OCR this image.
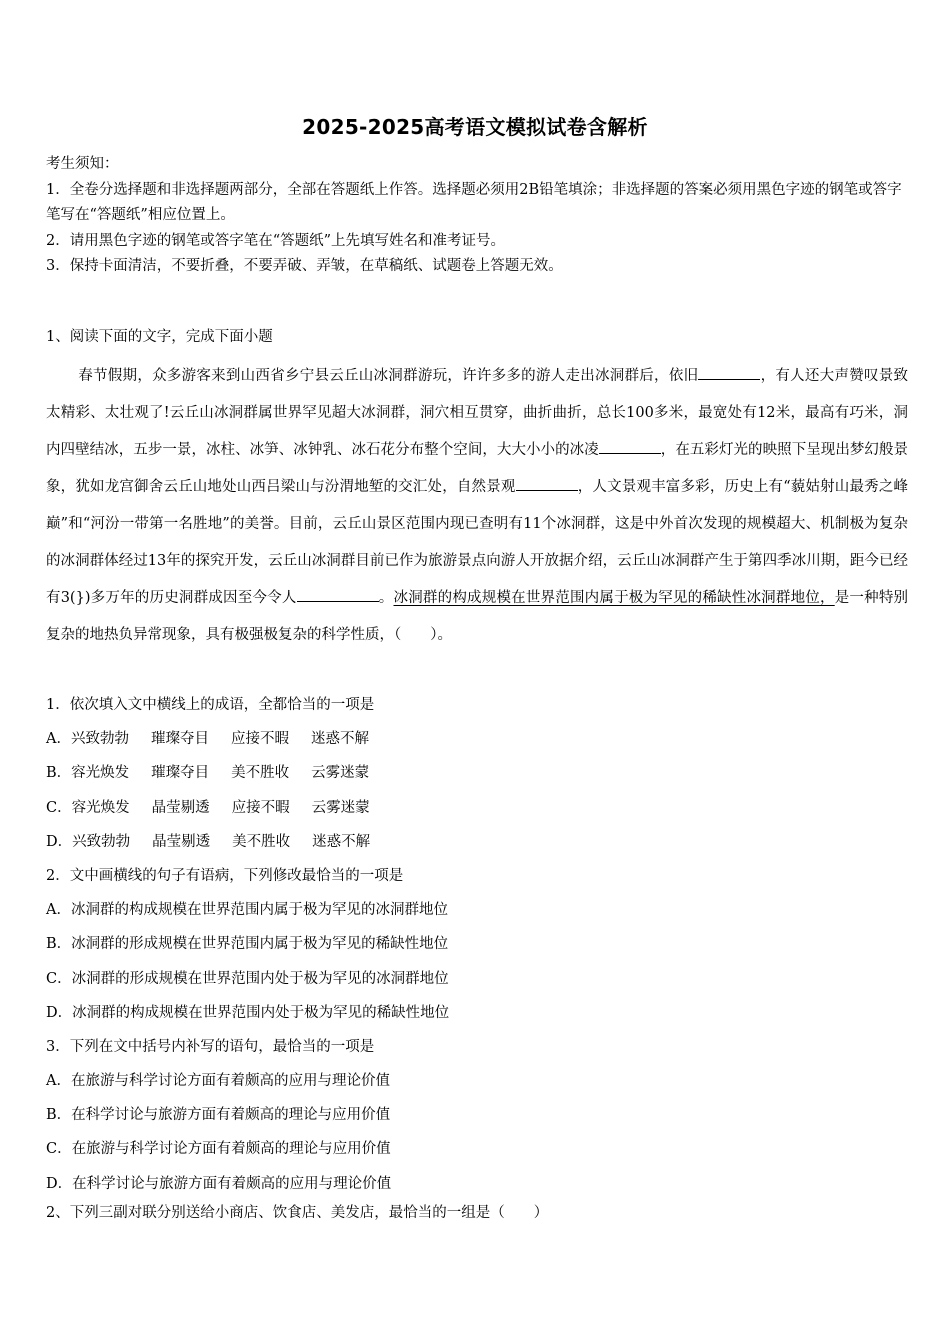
2025-2025高考语文模拟试卷含解析
考生须知：
1．全卷分选择题和非选择题两部分，全部在答题纸上作答。选择题必须用2B铅笔填涂；非选择题的答案必须用黑色字迹的钢笔或答字笔写在“答题纸”相应位置上。
2．请用黑色字迹的钢笔或答字笔在“答题纸”上先填写姓名和准考证号。
3．保持卡面清洁，不要折叠，不要弄破、弄皱，在草稿纸、试题卷上答题无效。
1、阅读下面的文字，完成下面小题
春节假期，众多游客来到山西省乡宁县云丘山冰洞群游玩，许许多多的游人走出冰洞群后，依旧	，有人还大声赞叹景致太精彩、太壮观了!云丘山冰洞群属世界罕见超大冰洞群，洞穴相互贯穿，曲折曲折，总长100多米，最宽处有12米，最高有巧米，洞内四壁结冰，五步一景，冰柱、冰笋、冰钟乳、冰石花分布整个空间，大大小小的冰凌	，在五彩灯光的映照下呈现出梦幻般景象，犹如龙宫御舍云丘山地处山西吕梁山与汾渭地堑的交汇处，自然景观	，人文景观丰富多彩，历史上有“藐姑射山最秀之峰巅”和“河汾一带第一名胜地”的美誉。目前，云丘山景区范围内现已查明有11个冰洞群，这是中外首次发现的规模超大、机制极为复杂的冰洞群体经过13年的探究开发，云丘山冰洞群目前已作为旅游景点向游人开放据介绍，云丘山冰洞群产生于第四季冰川期，距今已经有3(})多万年的历史洞群成因至今令人	。冰洞群的构成规模在世界范围内属于极为罕见的稀缺性冰洞群地位，是一种特别复杂的地热负异常现象，具有极强极复杂的科学性质，（　　）。
1．依次填入文中横线上的成语，全都恰当的一项是
A．兴致勃勃 璀璨夺目 应接不暇 迷惑不解
B．容光焕发 璀璨夺目 美不胜收 云雾迷蒙
C．容光焕发 晶莹剔透 应接不暇 云雾迷蒙
D．兴致勃勃 晶莹剔透 美不胜收 迷惑不解
2．文中画横线的句子有语病，下列修改最恰当的一项是
A．冰洞群的构成规模在世界范围内属于极为罕见的冰洞群地位
B．冰洞群的形成规模在世界范围内属于极为罕见的稀缺性地位
C．冰洞群的形成规模在世界范围内处于极为罕见的冰洞群地位
D．冰洞群的构成规模在世界范围内处于极为罕见的稀缺性地位
3．下列在文中括号内补写的语句，最恰当的一项是
A．在旅游与科学讨论方面有着颇高的应用与理论价值
B．在科学讨论与旅游方面有着颇高的理论与应用价值
C．在旅游与科学讨论方面有着颇高的理论与应用价值
D．在科学讨论与旅游方面有着颇高的应用与理论价值
2、下列三副对联分别送给小商店、饮食店、美发店，最恰当的一组是（　　）
